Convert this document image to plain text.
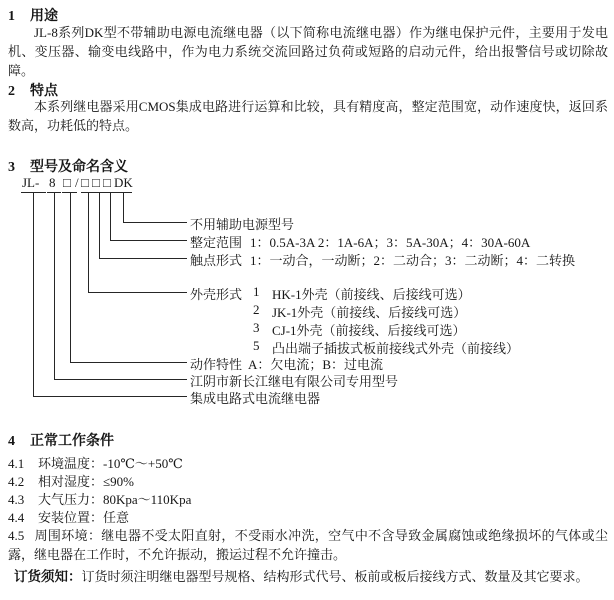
1 用途
JL-8系列DK型不带辅助电源电流继电器（以下简称电流继电器）作为继电保护元件，主要用于发电机、变压器、输变电线路中，作为电力系统交流回路过负荷或短路的启动元件，给出报警信号或切除故障。
2 特点
本系列继电器采用CMOS集成电路进行运算和比较，具有精度高，整定范围宽，动作速度快，返回系数高，功耗低的特点。
3 型号及命名含义
JL- 8 □ / □ □ □ DK
不用辅助电源型号
整定范围 1：0.5A-3A 2：1A-6A；3：5A-30A；4：30A-60A
触点形式 1：一动合，一动断；2：二动合；3：二动断；4：二转换
外壳形式 1 HK-1外壳（前接线、后接线可选）
2 JK-1外壳（前接线、后接线可选）
3 CJ-1外壳（前接线、后接线可选）
5 凸出端子插拔式板前接线式外壳（前接线）
动作特性 A：欠电流；B：过电流
江阴市新长江继电有限公司专用型号
集成电路式电流继电器
4 正常工作条件
4.1 环境温度：-10℃～+50℃
4.2 相对湿度：≤90%
4.3 大气压力：80Kpa～110Kpa
4.4 安装位置：任意
4.5 周围环境：继电器不受太阳直射，不受雨水冲洗，空气中不含导致金属腐蚀或绝缘损坏的气体或尘露，继电器在工作时，不允许振动，搬运过程不允许撞击。
订货须知：订货时须注明继电器型号规格、结构形式代号、板前或板后接线方式、数量及其它要求。
